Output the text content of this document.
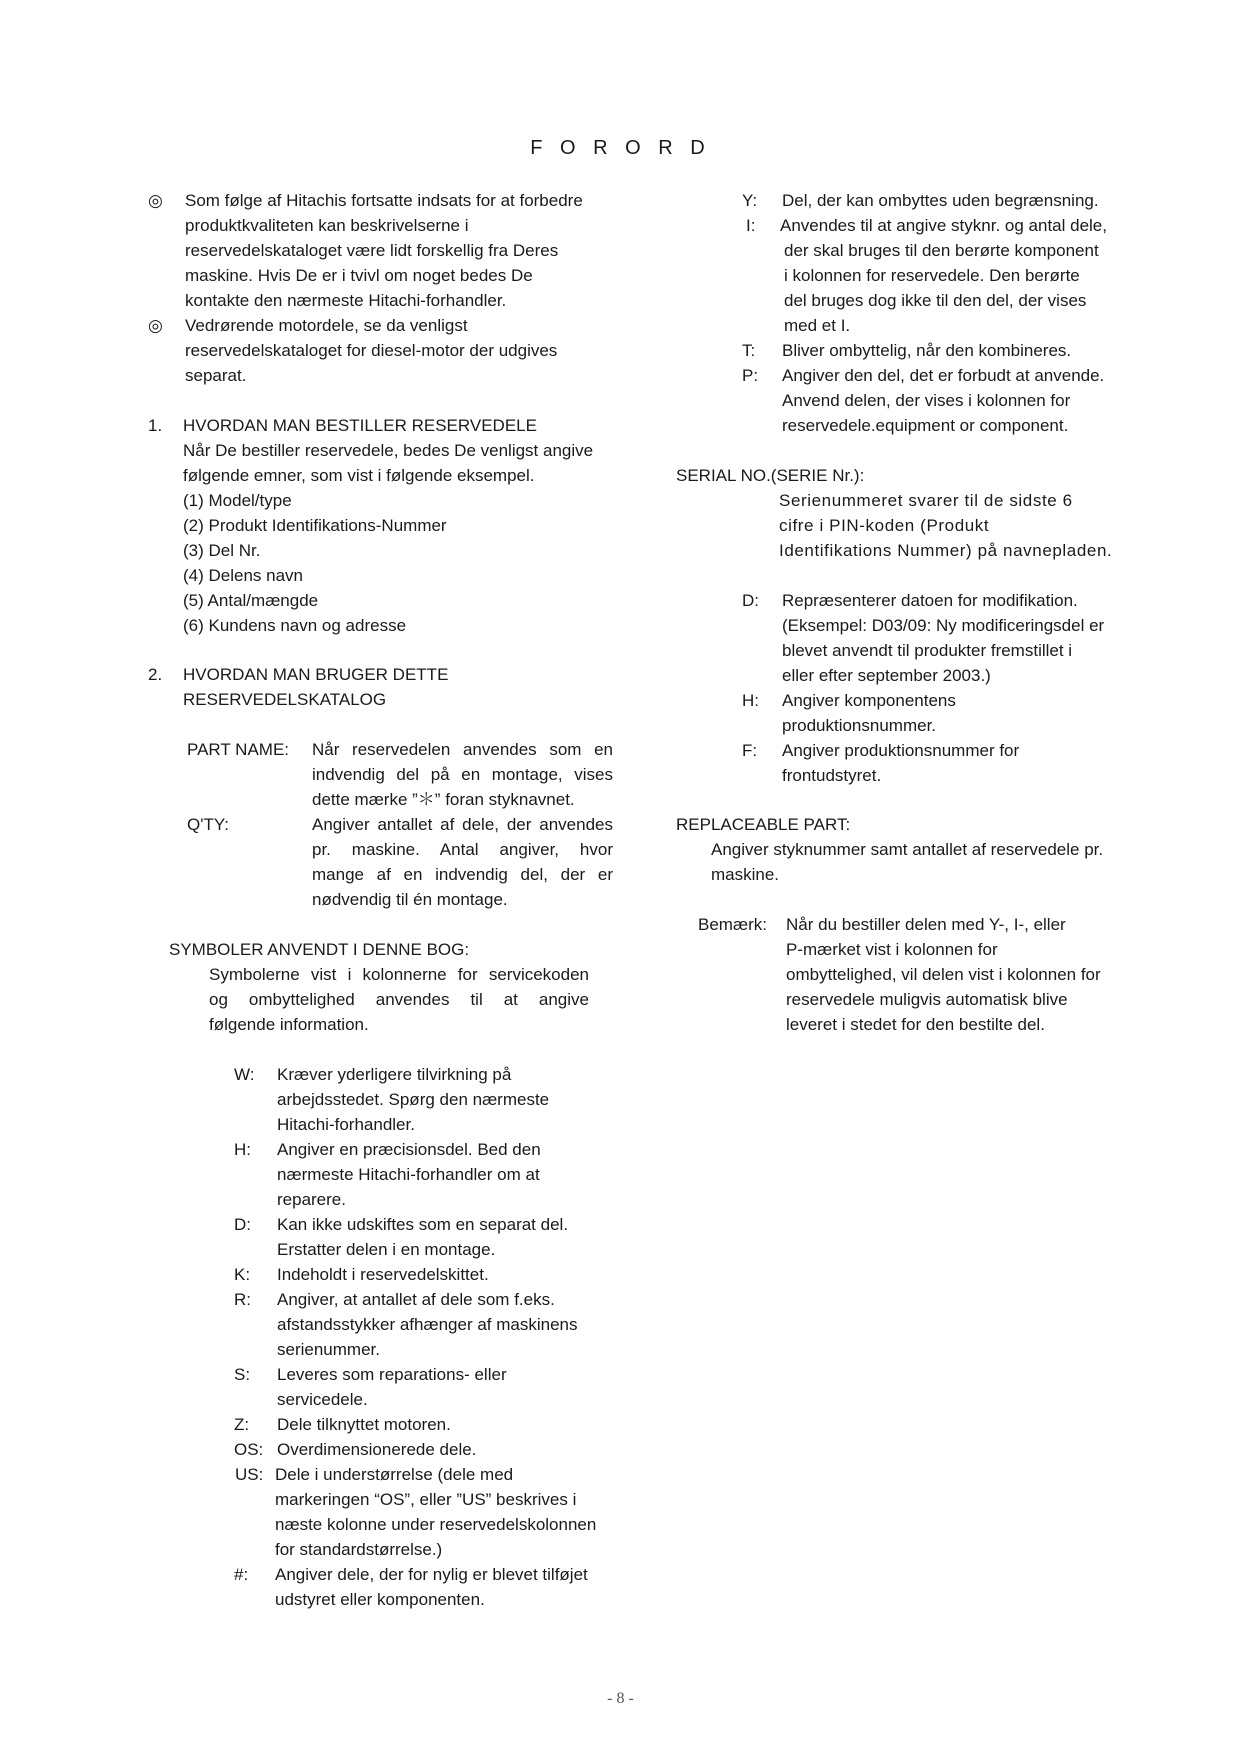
F O R O R D
◎ Som følge af Hitachis fortsatte indsats for at forbedre
produktkvaliteten kan beskrivelserne i
reservedelskataloget være lidt forskellig fra Deres
maskine. Hvis De er i tvivl om noget bedes De
kontakte den nærmeste Hitachi-forhandler.
◎ Vedrørende motordele, se da venligst
reservedelskataloget for diesel-motor der udgives
separat.
1. HVORDAN MAN BESTILLER RESERVEDELE
Når De bestiller reservedele, bedes De venligst angive
følgende emner, som vist i følgende eksempel.
(1) Model/type
(2) Produkt Identifikations-Nummer
(3) Del Nr.
(4) Delens navn
(5) Antal/mængde
(6) Kundens navn og adresse
2. HVORDAN MAN BRUGER DETTE
RESERVEDELSKATALOG
PART NAME: Når reservedelen anvendes som en
indvendig del på en montage, vises
dette mærke ”＊” foran styknavnet.
Q'TY:	Angiver antallet af dele, der anvendes
pr. maskine. Antal angiver, hvor
mange af en indvendig del, der er
nødvendig til én montage.
SYMBOLER ANVENDT I DENNE BOG:
Symbolerne vist i kolonnerne for servicekoden
og ombyttelighed anvendes til at angive
følgende information.
W: Kræver yderligere tilvirkning på
arbejdsstedet. Spørg den nærmeste
Hitachi-forhandler.
H: Angiver en præcisionsdel. Bed den
nærmeste Hitachi-forhandler om at
reparere.
D: Kan ikke udskiftes som en separat del.
Erstatter delen i en montage.
K: Indeholdt i reservedelskittet.
R: Angiver, at antallet af dele som f.eks.
afstandsstykker afhænger af maskinens
serienummer.
S: Leveres som reparations- eller
servicedele.
Z: Dele tilknyttet motoren.
OS: Overdimensionerede dele.
US: Dele i understørrelse (dele med
markeringen “OS”, eller ”US” beskrives i
næste kolonne under reservedelskolonnen
for standardstørrelse.)
#: Angiver dele, der for nylig er blevet tilføjet
udstyret eller komponenten.
Y: Del, der kan ombyttes uden begrænsning.
I: Anvendes til at angive styknr. og antal dele,
der skal bruges til den berørte komponent
i kolonnen for reservedele. Den berørte
del bruges dog ikke til den del, der vises
med et I.
T: Bliver ombyttelig, når den kombineres.
P: Angiver den del, det er forbudt at anvende.
Anvend delen, der vises i kolonnen for
reservedele.equipment or component.
SERIAL NO.(SERIE Nr.):
Serienummeret svarer til de sidste 6
cifre i PIN-koden (Produkt
Identifikations Nummer) på navnepladen.
D: Repræsenterer datoen for modifikation.
(Eksempel: D03/09: Ny modificeringsdel er
blevet anvendt til produkter fremstillet i
eller efter september 2003.)
H: Angiver komponentens
produktionsnummer.
F: Angiver produktionsnummer for
frontudstyret.
REPLACEABLE PART:
Angiver styknummer samt antallet af reservedele pr.
maskine.
Bemærk: Når du bestiller delen med Y-, I-, eller
P-mærket vist i kolonnen for
ombyttelighed, vil delen vist i kolonnen for
reservedele muligvis automatisk blive
leveret i stedet for den bestilte del.
- 8 -
